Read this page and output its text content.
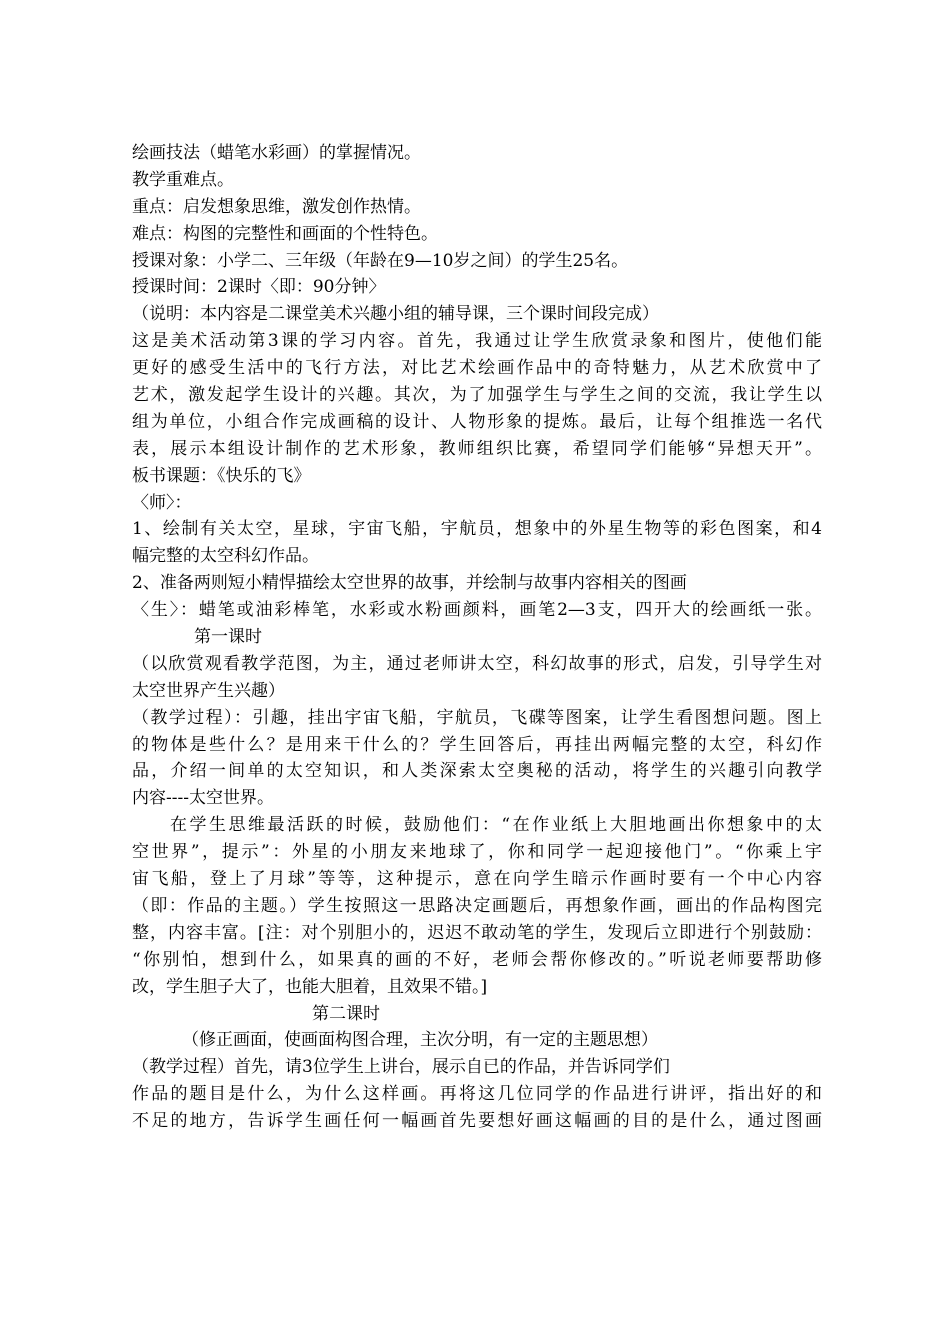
绘画技法（蜡笔水彩画）的掌握情况。
教学重难点。
重点：启发想象思维，激发创作热情。
难点：构图的完整性和画面的个性特色。
授课对象：小学二、三年级（年龄在9—10岁之间）的学生25名。
授课时间：2课时〈即：90分钟〉
（说明：本内容是二课堂美术兴趣小组的辅导课，三个课时间段完成）
这是美术活动第3课的学习内容。首先，我通过让学生欣赏录象和图片，使他们能
更好的感受生活中的飞行方法，对比艺术绘画作品中的奇特魅力，从艺术欣赏中了
艺术，激发起学生设计的兴趣。其次，为了加强学生与学生之间的交流，我让学生以
组为单位，小组合作完成画稿的设计、人物形象的提炼。最后，让每个组推选一名代
表，展示本组设计制作的艺术形象，教师组织比赛，希望同学们能够“异想天开”。
板书课题：《快乐的飞》
〈师〉：
1、绘制有关太空，星球，宇宙飞船，宇航员，想象中的外星生物等的彩色图案，和4
幅完整的太空科幻作品。
2、准备两则短小精悍描绘太空世界的故事，并绘制与故事内容相关的图画
〈生〉：蜡笔或油彩棒笔，水彩或水粉画颜料，画笔2—3支，四开大的绘画纸一张。
第一课时
（以欣赏观看教学范图，为主，通过老师讲太空，科幻故事的形式，启发，引导学生对
太空世界产生兴趣）
（教学过程）：引趣，挂出宇宙飞船，宇航员，飞碟等图案，让学生看图想问题。图上
的物体是些什么？是用来干什么的？学生回答后，再挂出两幅完整的太空，科幻作
品，介绍一间单的太空知识，和人类深索太空奥秘的活动，将学生的兴趣引向教学
内容----太空世界。
在学生思维最活跃的时候，鼓励他们：“在作业纸上大胆地画出你想象中的太
空世界”，提示”：外星的小朋友来地球了，你和同学一起迎接他门”。“你乘上宇
宙飞船，登上了月球”等等，这种提示，意在向学生暗示作画时要有一个中心内容
（即：作品的主题。）学生按照这一思路决定画题后，再想象作画，画出的作品构图完
整，内容丰富。[注：对个别胆小的，迟迟不敢动笔的学生，发现后立即进行个别鼓励：
“你别怕，想到什么，如果真的画的不好，老师会帮你修改的。”听说老师要帮助修
改，学生胆子大了，也能大胆着，且效果不错。]
第二课时
（修正画面，使画面构图合理，主次分明，有一定的主题思想）
（教学过程）首先，请3位学生上讲台，展示自已的作品，并告诉同学们
作品的题目是什么，为什么这样画。再将这几位同学的作品进行讲评，指出好的和
不足的地方，告诉学生画任何一幅画首先要想好画这幅画的目的是什么，通过图画
